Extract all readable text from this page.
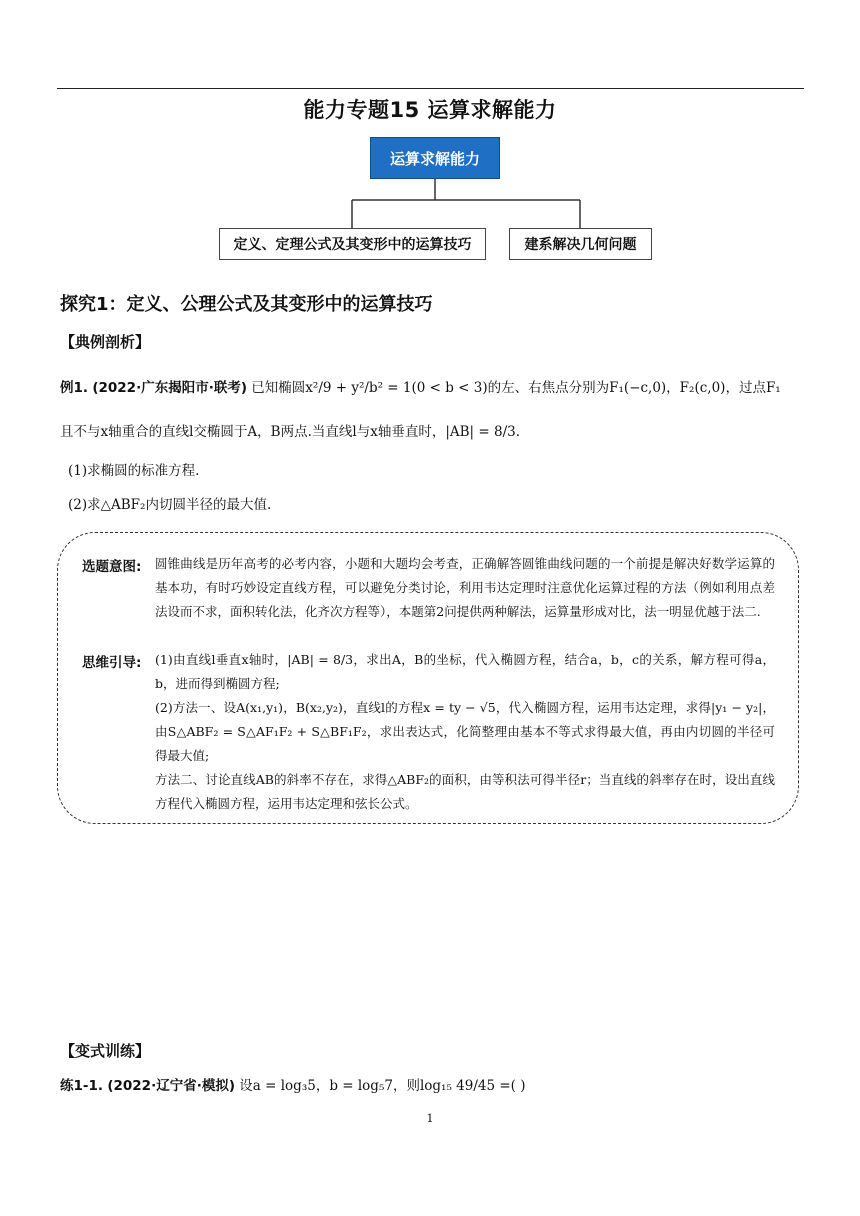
能力专题15 运算求解能力
运算求解能力
定义、定理公式及其变形中的运算技巧	建系解决几何问题
探究1：定义、公理公式及其变形中的运算技巧
【典例剖析】
例1. (2022·广东揭阳市·联考) 已知椭圆x²/9 + y²/b² = 1(0 < b < 3)的左、右焦点分别为F₁(−c,0)，F₂(c,0)，过点F₁
且不与x轴重合的直线l交椭圆于A，B两点.当直线l与x轴垂直时，|AB| = 8/3.
(1)求椭圆的标准方程.
(2)求△ABF₂内切圆半径的最大值.
选题意图: 圆锥曲线是历年高考的必考内容，小题和大题均会考查，正确解答圆锥曲线问题的一个前提是解决好数学运算的基本功，有时巧妙设定直线方程，可以避免分类讨论，利用韦达定理时注意优化运算过程的方法（例如利用点差法设而不求，面积转化法，化齐次方程等），本题第2问提供两种解法，运算量形成对比，法一明显优越于法二.

思维引导: (1)由直线l垂直x轴时，|AB| = 8/3，求出A，B的坐标，代入椭圆方程，结合a，b，c的关系，解方程可得a，b，进而得到椭圆方程;

(2)方法一、设A(x₁,y₁)，B(x₂,y₂)，直线l的方程x = ty − √5，代入椭圆方程，运用韦达定理，求得|y₁ − y₂|，由S△ABF₂ = S△AF₁F₂ + S△BF₁F₂，求出表达式，化简整理由基本不等式求得最大值，再由内切圆的半径可得最大值;

方法二、讨论直线AB的斜率不存在，求得△ABF₂的面积，由等积法可得半径r；当直线的斜率存在时，设出直线方程代入椭圆方程，运用韦达定理和弦长公式。

【变式训练】
练1-1. (2022·辽宁省·模拟) 设a = log₃5，b = log₅7，则log₁₅ 49/45 =( )
1
